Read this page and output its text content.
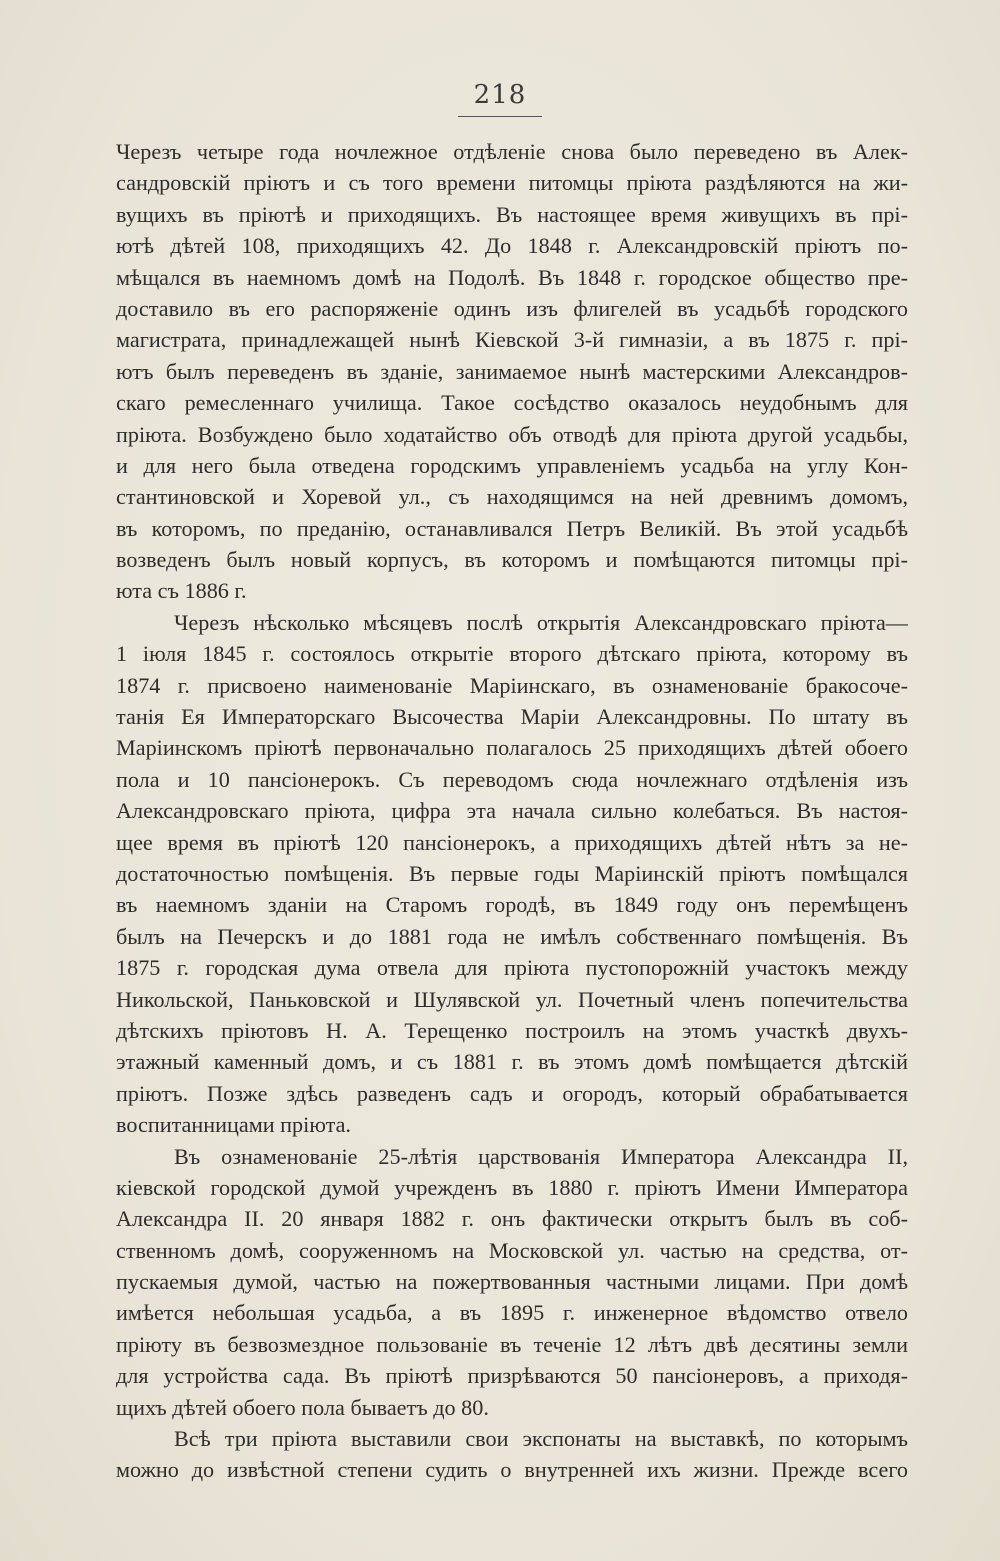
218
Черезъ четыре года ночлежное отдѣленіе снова было переведено въ Алек-
сандровскій пріютъ и съ того времени питомцы пріюта раздѣляются на жи-
вущихъ въ пріютѣ и приходящихъ. Въ настоящее время живущихъ въ прі-
ютѣ дѣтей 108, приходящихъ 42. До 1848 г. Александровскій пріютъ по-
мѣщался въ наемномъ домѣ на Подолѣ. Въ 1848 г. городское общество пре-
доставило въ его распоряженіе одинъ изъ флигелей въ усадьбѣ городского
магистрата, принадлежащей нынѣ Кіевской 3-й гимназіи, а въ 1875 г. прі-
ютъ былъ переведенъ въ зданіе, занимаемое нынѣ мастерскими Александров-
скаго ремесленнаго училища. Такое сосѣдство оказалось неудобнымъ для
пріюта. Возбуждено было ходатайство объ отводѣ для пріюта другой усадьбы,
и для него была отведена городскимъ управленіемъ усадьба на углу Кон-
стантиновской и Хоревой ул., съ находящимся на ней древнимъ домомъ,
въ которомъ, по преданію, останавливался Петръ Великій. Въ этой усадьбѣ
возведенъ былъ новый корпусъ, въ которомъ и помѣщаются питомцы прі-
юта съ 1886 г.
Черезъ нѣсколько мѣсяцевъ послѣ открытія Александровскаго пріюта—
1 іюля 1845 г. состоялось открытіе второго дѣтскаго пріюта, которому въ
1874 г. присвоено наименованіе Маріинскаго, въ ознаменованіе бракосоче-
танія Ея Императорскаго Высочества Маріи Александровны. По штату въ
Маріинскомъ пріютѣ первоначально полагалось 25 приходящихъ дѣтей обоего
пола и 10 пансіонерокъ. Съ переводомъ сюда ночлежнаго отдѣленія изъ
Александровскаго пріюта, цифра эта начала сильно колебаться. Въ настоя-
щее время въ пріютѣ 120 пансіонерокъ, а приходящихъ дѣтей нѣтъ за не-
достаточностью помѣщенія. Въ первые годы Маріинскій пріютъ помѣщался
въ наемномъ зданіи на Старомъ городѣ, въ 1849 году онъ перемѣщенъ
былъ на Печерскъ и до 1881 года не имѣлъ собственнаго помѣщенія. Въ
1875 г. городская дума отвела для пріюта пустопорожній участокъ между
Никольской, Паньковской и Шулявской ул. Почетный членъ попечительства
дѣтскихъ пріютовъ Н. А. Терещенко построилъ на этомъ участкѣ двухъ-
этажный каменный домъ, и съ 1881 г. въ этомъ домѣ помѣщается дѣтскій
пріютъ. Позже здѣсь разведенъ садъ и огородъ, который обрабатывается
воспитанницами пріюта.
Въ ознаменованіе 25-лѣтія царствованія Императора Александра II,
кіевской городской думой учрежденъ въ 1880 г. пріютъ Имени Императора
Александра II. 20 января 1882 г. онъ фактически открытъ былъ въ соб-
ственномъ домѣ, сооруженномъ на Московской ул. частью на средства, от-
пускаемыя думой, частью на пожертвованныя частными лицами. При домѣ
имѣется небольшая усадьба, а въ 1895 г. инженерное вѣдомство отвело
пріюту въ безвозмездное пользованіе въ теченіе 12 лѣтъ двѣ десятины земли
для устройства сада. Въ пріютѣ призрѣваются 50 пансіонеровъ, а приходя-
щихъ дѣтей обоего пола бываетъ до 80.
Всѣ три пріюта выставили свои экспонаты на выставкѣ, по которымъ
можно до извѣстной степени судить о внутренней ихъ жизни. Прежде всего
